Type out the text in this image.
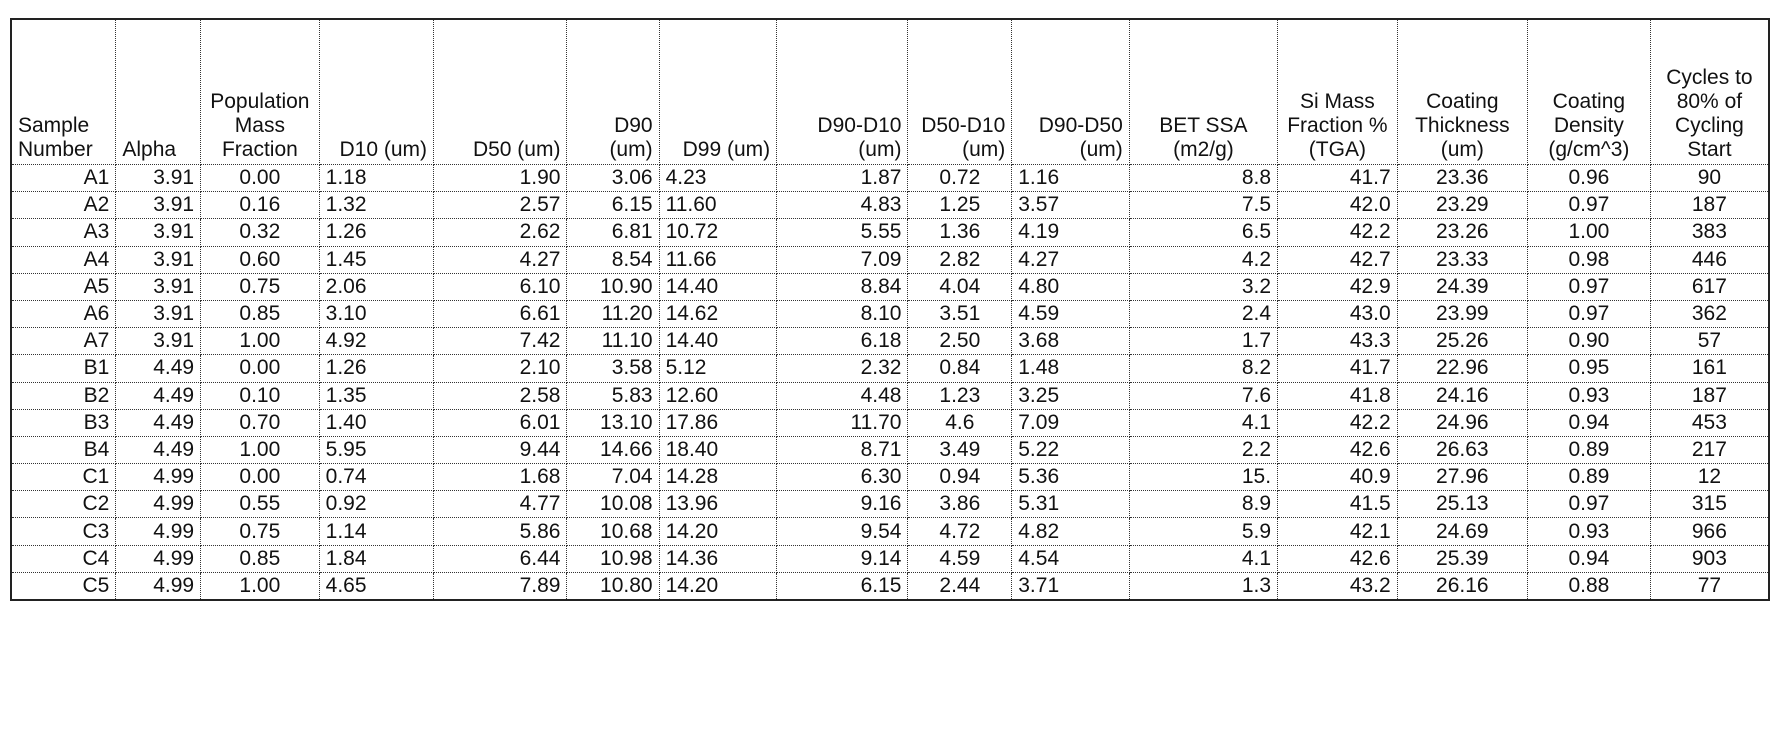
Sample Number	Alpha	Population Mass Fraction	D10 (um)	D50 (um)	D90 (um)	D99 (um)	D90-D10 (um)	D50-D10 (um)	D90-D50 (um)	BET SSA (m2/g)	Si Mass Fraction % (TGA)	Coating Thickness (um)	Coating Density (g/cm^3)	Cycles to 80% of Cycling Start
A1	3.91	0.00	1.18	1.90	3.06	4.23	1.87	0.72	1.16	8.8	41.7	23.36	0.96	90
A2	3.91	0.16	1.32	2.57	6.15	11.60	4.83	1.25	3.57	7.5	42.0	23.29	0.97	187
A3	3.91	0.32	1.26	2.62	6.81	10.72	5.55	1.36	4.19	6.5	42.2	23.26	1.00	383
A4	3.91	0.60	1.45	4.27	8.54	11.66	7.09	2.82	4.27	4.2	42.7	23.33	0.98	446
A5	3.91	0.75	2.06	6.10	10.90	14.40	8.84	4.04	4.80	3.2	42.9	24.39	0.97	617
A6	3.91	0.85	3.10	6.61	11.20	14.62	8.10	3.51	4.59	2.4	43.0	23.99	0.97	362
A7	3.91	1.00	4.92	7.42	11.10	14.40	6.18	2.50	3.68	1.7	43.3	25.26	0.90	57
B1	4.49	0.00	1.26	2.10	3.58	5.12	2.32	0.84	1.48	8.2	41.7	22.96	0.95	161
B2	4.49	0.10	1.35	2.58	5.83	12.60	4.48	1.23	3.25	7.6	41.8	24.16	0.93	187
B3	4.49	0.70	1.40	6.01	13.10	17.86	11.70	4.6	7.09	4.1	42.2	24.96	0.94	453
B4	4.49	1.00	5.95	9.44	14.66	18.40	8.71	3.49	5.22	2.2	42.6	26.63	0.89	217
C1	4.99	0.00	0.74	1.68	7.04	14.28	6.30	0.94	5.36	15.	40.9	27.96	0.89	12
C2	4.99	0.55	0.92	4.77	10.08	13.96	9.16	3.86	5.31	8.9	41.5	25.13	0.97	315
C3	4.99	0.75	1.14	5.86	10.68	14.20	9.54	4.72	4.82	5.9	42.1	24.69	0.93	966
C4	4.99	0.85	1.84	6.44	10.98	14.36	9.14	4.59	4.54	4.1	42.6	25.39	0.94	903
C5	4.99	1.00	4.65	7.89	10.80	14.20	6.15	2.44	3.71	1.3	43.2	26.16	0.88	77
